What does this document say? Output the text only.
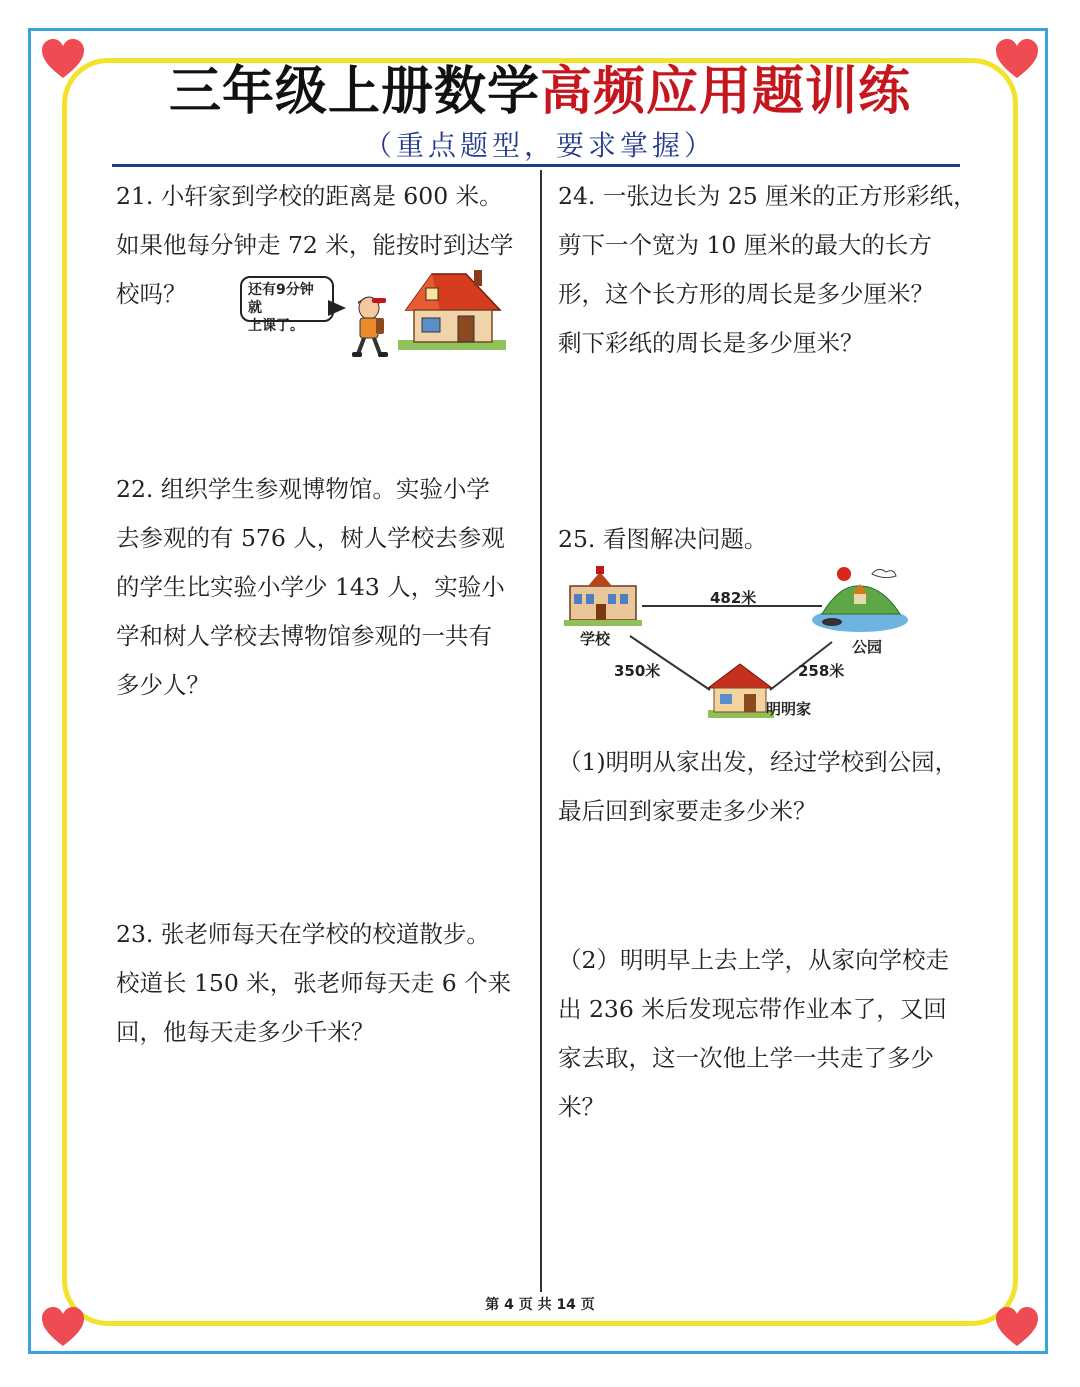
三年级上册数学高频应用题训练
（重点题型，要求掌握）

21. 小轩家到学校的距离是 600 米。

如果他每分钟走 72 米，能按时到达学

校吗？	还有9分钟就
上课了。

22. 组织学生参观博物馆。实验小学

去参观的有 576 人，树人学校去参观

的学生比实验小学少 143 人，实验小

学和树人学校去博物馆参观的一共有

多少人？

23. 张老师每天在学校的校道散步。

校道长 150 米，张老师每天走 6 个来

回，他每天走多少千米？

24. 一张边长为 25 厘米的正方形彩纸，

剪下一个宽为 10 厘米的最大的长方

形，这个长方形的周长是多少厘米？

剩下彩纸的周长是多少厘米？

25. 看图解决问题。

学校	公园
明明家
482米
350米	258米

（1)明明从家出发，经过学校到公园，

最后回到家要走多少米？

（2）明明早上去上学，从家向学校走

出 236 米后发现忘带作业本了，又回

家去取，这一次他上学一共走了多少

米？

第 4 页 共 14 页
